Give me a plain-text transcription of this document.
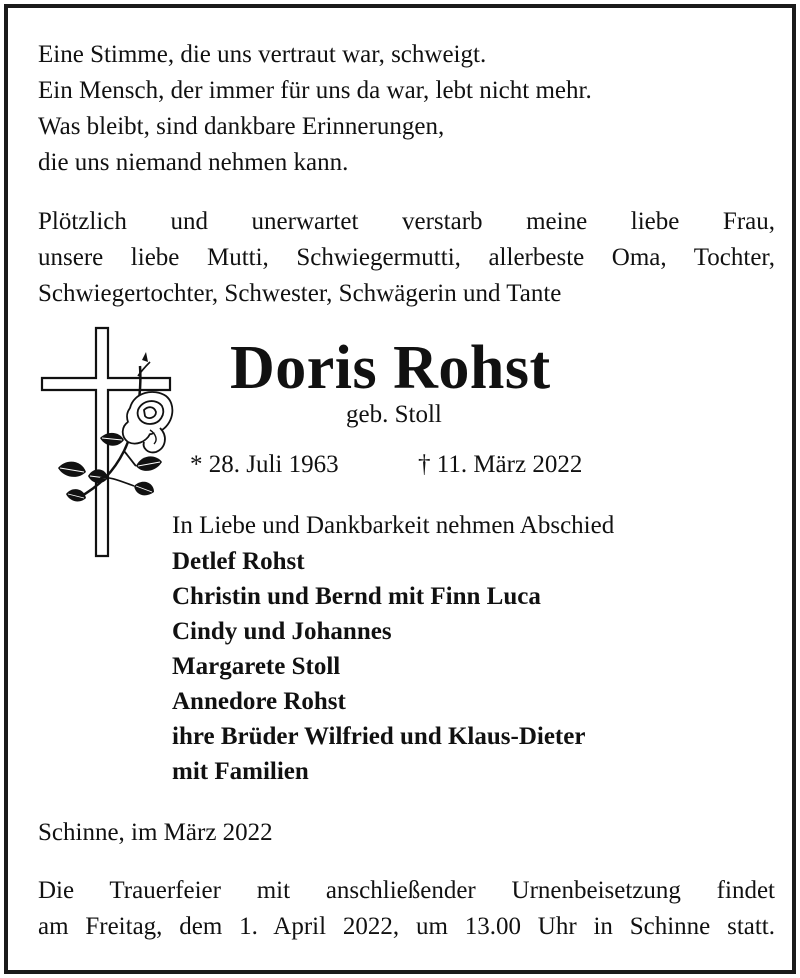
Eine Stimme, die uns vertraut war, schweigt.
Ein Mensch, der immer für uns da war, lebt nicht mehr.
Was bleibt, sind dankbare Erinnerungen,
die uns niemand nehmen kann.
Plötzlich und unerwartet verstarb meine liebe Frau,
unsere liebe Mutti, Schwiegermutti, allerbeste Oma, Tochter,
Schwiegertochter, Schwester, Schwägerin und Tante
Doris Rohst
geb. Stoll
* 28. Juli 1963	† 11. März 2022
In Liebe und Dankbarkeit nehmen Abschied
Detlef Rohst
Christin und Bernd mit Finn Luca
Cindy und Johannes
Margarete Stoll
Annedore Rohst
ihre Brüder Wilfried und Klaus-Dieter
mit Familien
Schinne, im März 2022
Die Trauerfeier mit anschließender Urnenbeisetzung findet
am Freitag, dem 1. April 2022, um 13.00 Uhr in Schinne statt.
